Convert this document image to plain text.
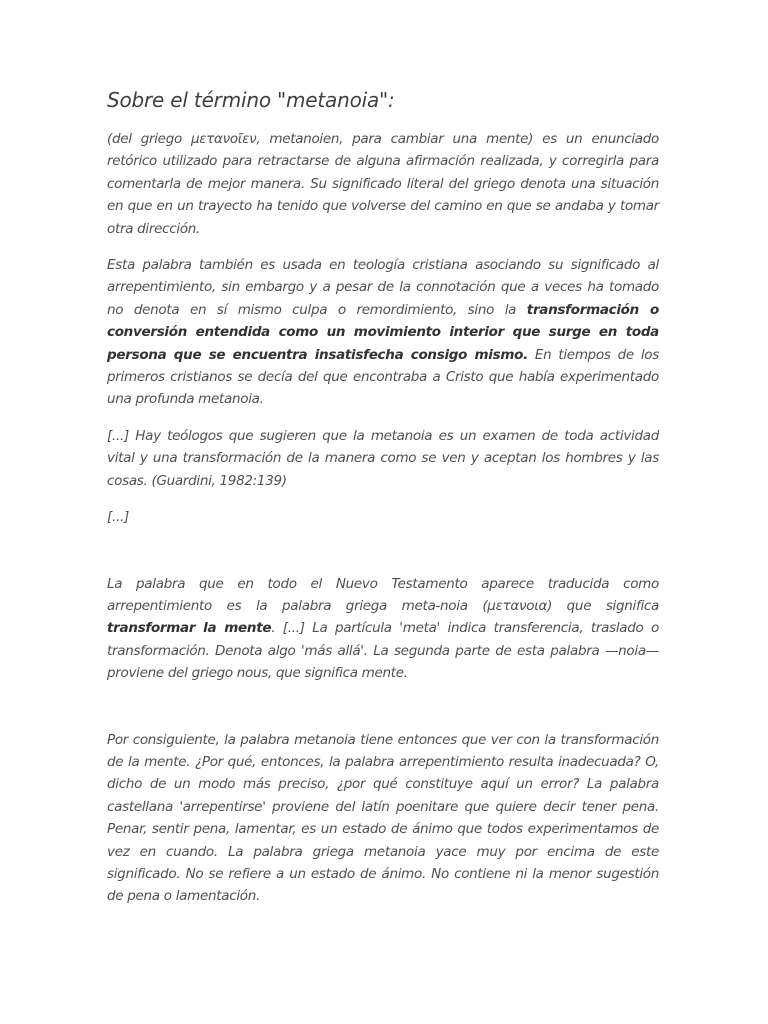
Sobre el término "metanoia":

(del griego μετανοῖεν, metanoien, para cambiar una mente) es un enunciado retórico utilizado para retractarse de alguna afirmación realizada, y corregirla para comentarla de mejor manera. Su significado literal del griego denota una situación en que en un trayecto ha tenido que volverse del camino en que se andaba y tomar otra dirección.

Esta palabra también es usada en teología cristiana asociando su significado al arrepentimiento, sin embargo y a pesar de la connotación que a veces ha tomado no denota en sí mismo culpa o remordimiento, sino la transformación o conversión entendida como un movimiento interior que surge en toda persona que se encuentra insatisfecha consigo mismo. En tiempos de los primeros cristianos se decía del que encontraba a Cristo que había experimentado una profunda metanoia.

[...] Hay teólogos que sugieren que la metanoia es un examen de toda actividad vital y una transformación de la manera como se ven y aceptan los hombres y las cosas. (Guardini, 1982:139)

[...]

La palabra que en todo el Nuevo Testamento aparece traducida como arrepentimiento es la palabra griega meta-noia (μετανοια) que significa transformar la mente. [...] La partícula 'meta' indica transferencia, traslado o transformación. Denota algo 'más allá'. La segunda parte de esta palabra —noia— proviene del griego nous, que significa mente.

Por consiguiente, la palabra metanoia tiene entonces que ver con la transformación de la mente. ¿Por qué, entonces, la palabra arrepentimiento resulta inadecuada? O, dicho de un modo más preciso, ¿por qué constituye aquí un error? La palabra castellana 'arrepentirse' proviene del latín poenitare que quiere decir tener pena. Penar, sentir pena, lamentar, es un estado de ánimo que todos experimentamos de vez en cuando. La palabra griega metanoia yace muy por encima de este significado. No se refiere a un estado de ánimo. No contiene ni la menor sugestión de pena o lamentación.
